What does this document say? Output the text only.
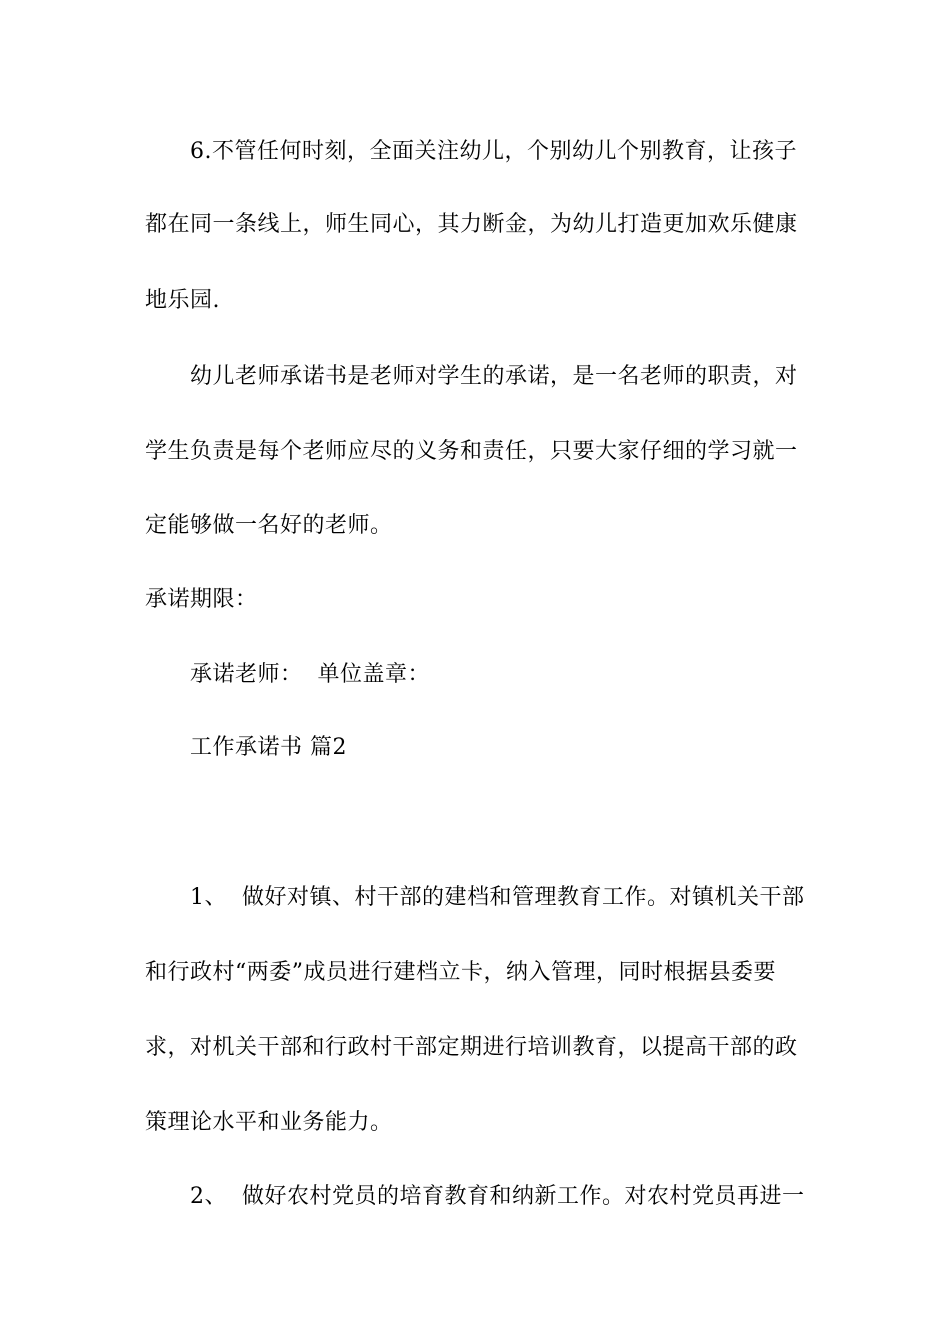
6.不管任何时刻，全面关注幼儿，个别幼儿个别教育，让孩子
都在同一条线上，师生同心，其力断金，为幼儿打造更加欢乐健康
地乐园.
幼儿老师承诺书是老师对学生的承诺，是一名老师的职责，对
学生负责是每个老师应尽的义务和责任，只要大家仔细的学习就一
定能够做一名好的老师。
承诺期限：
承诺老师：  单位盖章：
工作承诺书 篇2
1、  做好对镇、村干部的建档和管理教育工作。对镇机关干部
和行政村“两委”成员进行建档立卡，纳入管理，同时根据县委要
求，对机关干部和行政村干部定期进行培训教育，以提高干部的政
策理论水平和业务能力。
2、  做好农村党员的培育教育和纳新工作。对农村党员再进一
